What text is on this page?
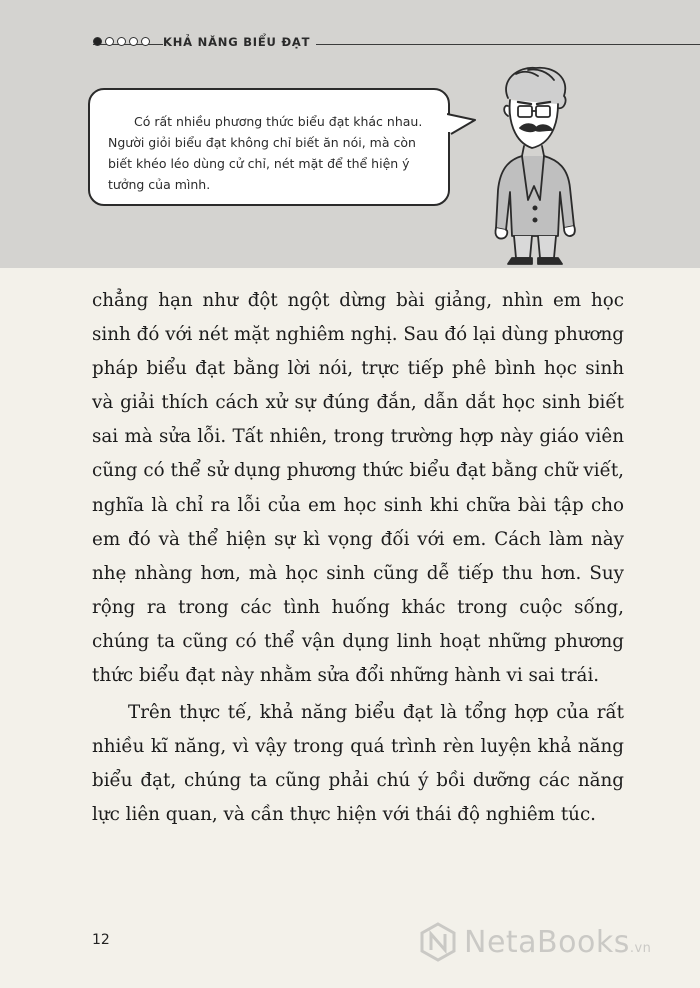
KHẢ NĂNG BIỂU ĐẠT

Có rất nhiều phương thức biểu đạt khác nhau. Người giỏi biểu đạt không chỉ biết ăn nói, mà còn biết khéo léo dùng cử chỉ, nét mặt để thể hiện ý tưởng của mình.

chẳng hạn như đột ngột dừng bài giảng, nhìn em học sinh đó với nét mặt nghiêm nghị. Sau đó lại dùng phương pháp biểu đạt bằng lời nói, trực tiếp phê bình học sinh và giải thích cách xử sự đúng đắn, dẫn dắt học sinh biết sai mà sửa lỗi. Tất nhiên, trong trường hợp này giáo viên cũng có thể sử dụng phương thức biểu đạt bằng chữ viết, nghĩa là chỉ ra lỗi của em học sinh khi chữa bài tập cho em đó và thể hiện sự kì vọng đối với em. Cách làm này nhẹ nhàng hơn, mà học sinh cũng dễ tiếp thu hơn. Suy rộng ra trong các tình huống khác trong cuộc sống, chúng ta cũng có thể vận dụng linh hoạt những phương thức biểu đạt này nhằm sửa đổi những hành vi sai trái.

Trên thực tế, khả năng biểu đạt là tổng hợp của rất nhiều kĩ năng, vì vậy trong quá trình rèn luyện khả năng biểu đạt, chúng ta cũng phải chú ý bồi dưỡng các năng lực liên quan, và cần thực hiện với thái độ nghiêm túc.

12	NetaBooks.vn
